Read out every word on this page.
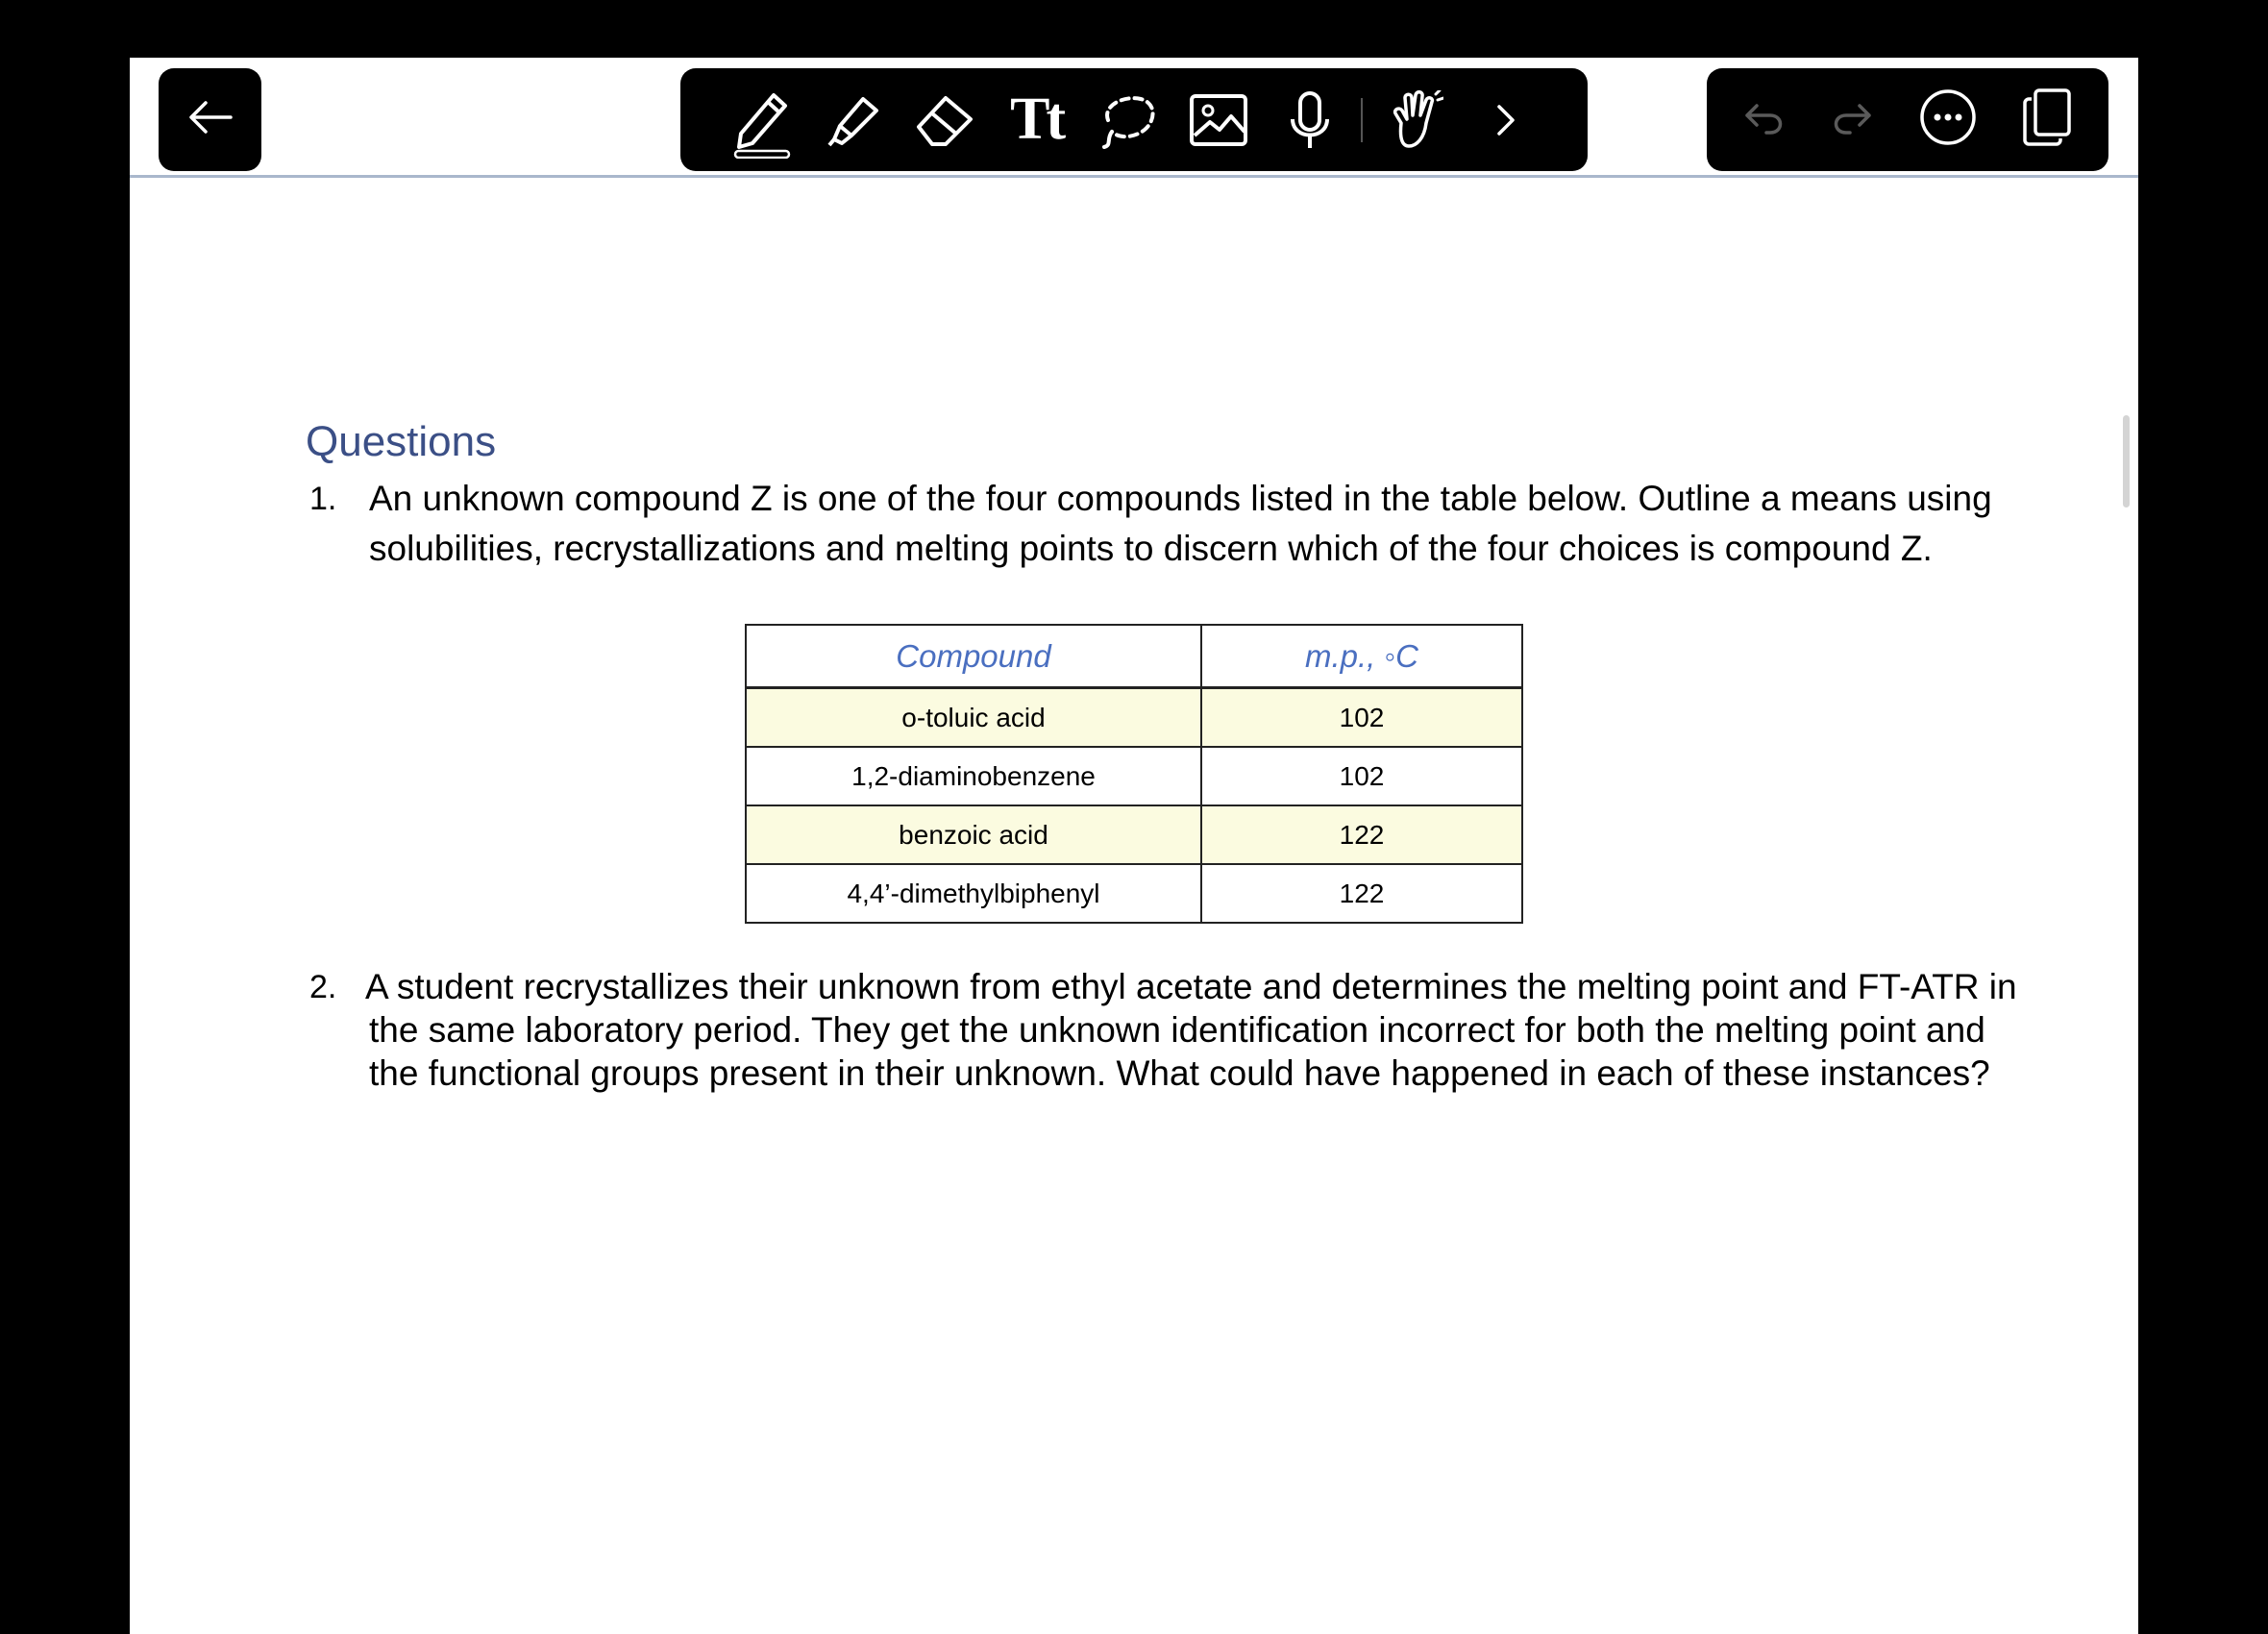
Tt
Questions
1. An unknown compound Z is one of the four compounds listed in the table below. Outline a means using solubilities, recrystallizations and melting points to discern which of the four choices is compound Z.
Compound	m.p., ◦C
o-toluic acid	102
1,2-diaminobenzene	102
benzoic acid	122
4,4’-dimethylbiphenyl	122
2. A student recrystallizes their unknown from ethyl acetate and determines the melting point and FT-ATR in
the same laboratory period. They get the unknown identification incorrect for both the melting point and
the functional groups present in their unknown. What could have happened in each of these instances?
